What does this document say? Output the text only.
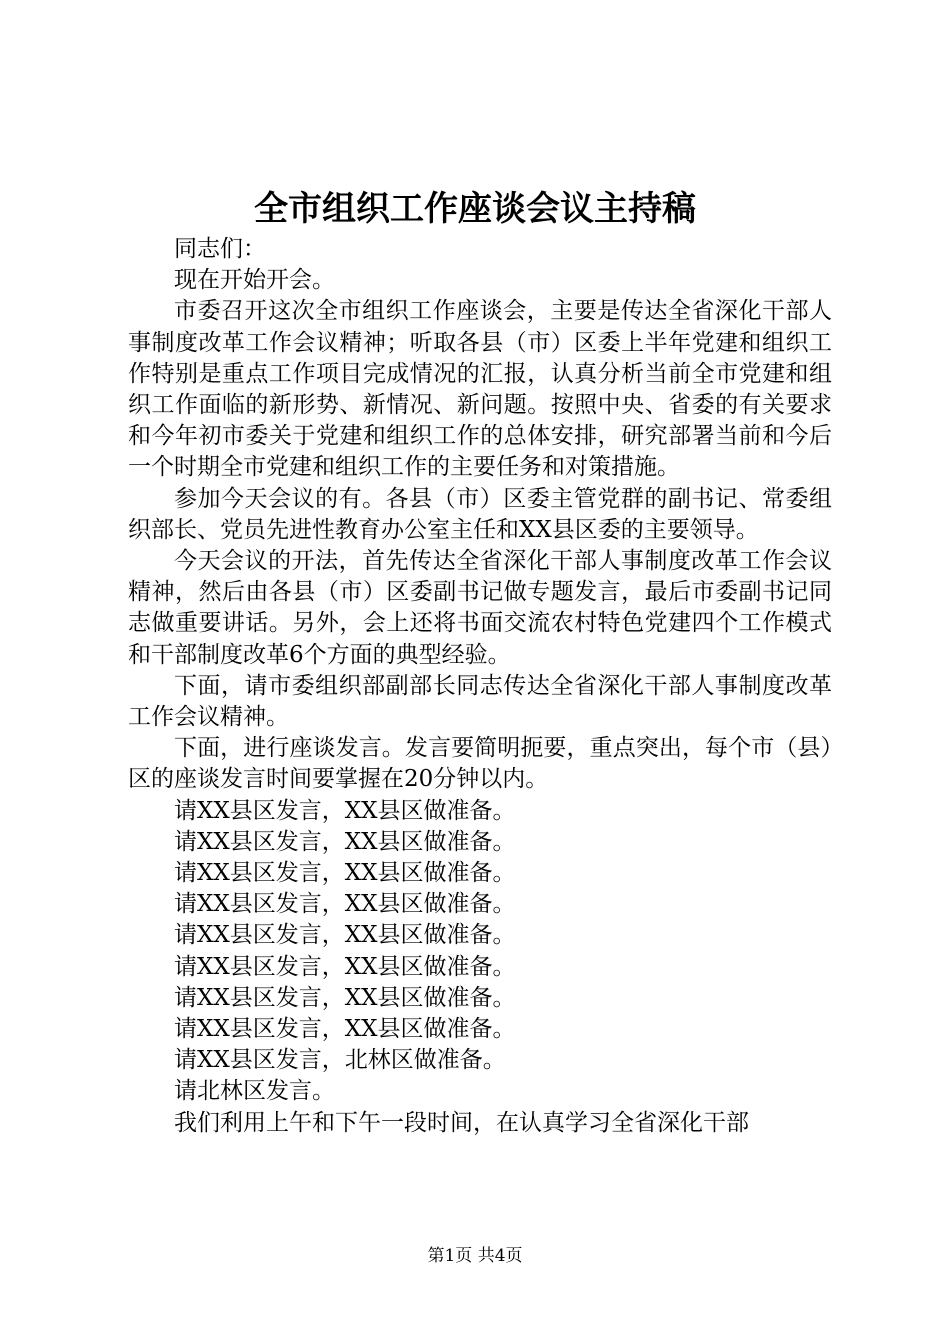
全市组织工作座谈会议主持稿

同志们：

现在开始开会。

市委召开这次全市组织工作座谈会，主要是传达全省深化干部人事制度改革工作会议精神；听取各县（市）区委上半年党建和组织工作特别是重点工作项目完成情况的汇报，认真分析当前全市党建和组织工作面临的新形势、新情况、新问题。按照中央、省委的有关要求和今年初市委关于党建和组织工作的总体安排，研究部署当前和今后一个时期全市党建和组织工作的主要任务和对策措施。

参加今天会议的有。各县（市）区委主管党群的副书记、常委组织部长、党员先进性教育办公室主任和XX县区委的主要领导。

今天会议的开法，首先传达全省深化干部人事制度改革工作会议精神，然后由各县（市）区委副书记做专题发言，最后市委副书记同志做重要讲话。另外，会上还将书面交流农村特色党建四个工作模式和干部制度改革6个方面的典型经验。

下面，请市委组织部副部长同志传达全省深化干部人事制度改革工作会议精神。

下面，进行座谈发言。发言要简明扼要，重点突出，每个市（县）区的座谈发言时间要掌握在20分钟以内。

请XX县区发言，XX县区做准备。

请XX县区发言，XX县区做准备。

请XX县区发言，XX县区做准备。

请XX县区发言，XX县区做准备。

请XX县区发言，XX县区做准备。

请XX县区发言，XX县区做准备。

请XX县区发言，XX县区做准备。

请XX县区发言，XX县区做准备。

请XX县区发言，北林区做准备。

请北林区发言。

我们利用上午和下午一段时间，在认真学习全省深化干部

第1页 共4页
